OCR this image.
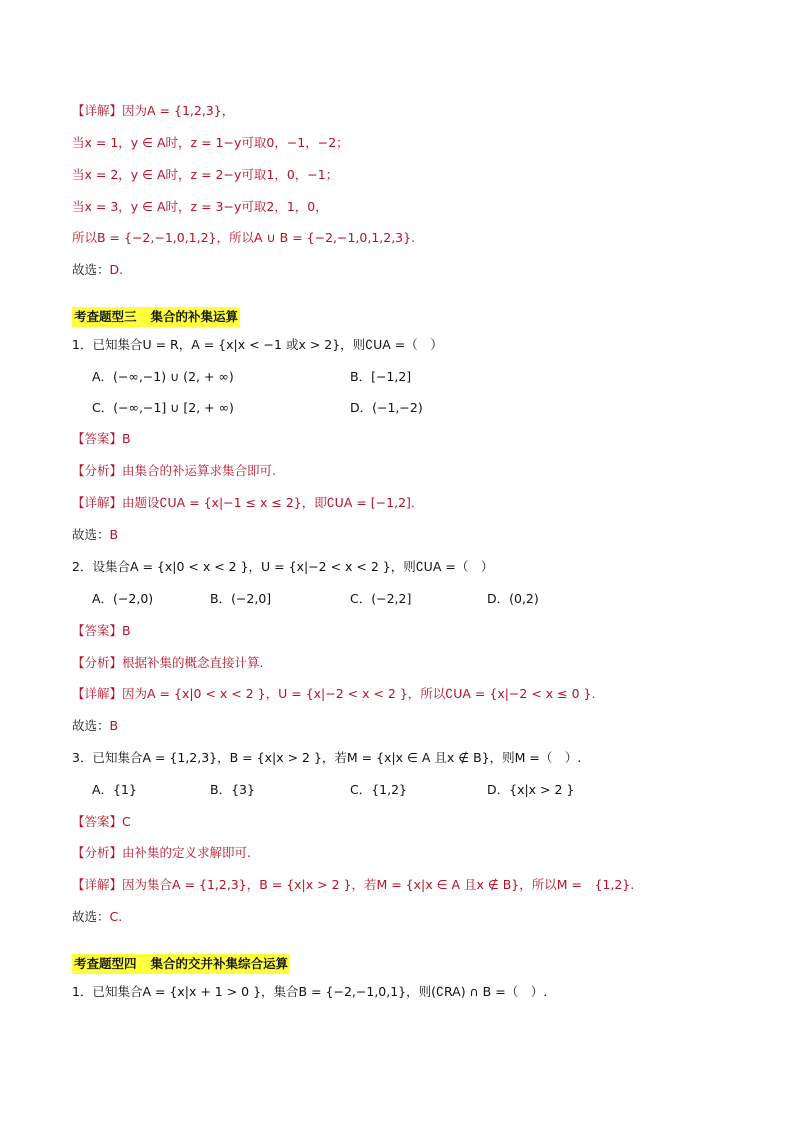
【详解】因为A = {1,2,3}，
当x = 1，y ∈ A时，z = 1−y可取0，−1，−2；
当x = 2，y ∈ A时，z = 2−y可取1，0，−1；
当x = 3，y ∈ A时，z = 3−y可取2，1，0，
所以B = {−2,−1,0,1,2}，所以A ∪ B = {−2,−1,0,1,2,3}.
故选：D.
考查题型三 集合的补集运算
1．已知集合U = R，A = {x|x < −1 或x > 2}，则∁UA =（　）
A．(−∞,−1) ∪ (2, + ∞)	B．[−1,2]
C．(−∞,−1] ∪ [2, + ∞)	D．(−1,−2)
【答案】B
【分析】由集合的补运算求集合即可.
【详解】由题设∁UA = {x|−1 ≤ x ≤ 2}，即∁UA = [−1,2].
故选：B
2．设集合A = {x|0 < x < 2 }，U = {x|−2 < x < 2 }，则∁UA =（　）
A．(−2,0)	B．(−2,0]	C．(−2,2]	D．(0,2)
【答案】B
【分析】根据补集的概念直接计算.
【详解】因为A = {x|0 < x < 2 }，U = {x|−2 < x < 2 }，所以∁UA = {x|−2 < x ≤ 0 }.
故选：B
3．已知集合A = {1,2,3}，B = {x|x > 2 }，若M = {x|x ∈ A 且x ∉ B}，则M =（　）.
A．{1}	B．{3}	C．{1,2}	D．{x|x > 2 }
【答案】C
【分析】由补集的定义求解即可.
【详解】因为集合A = {1,2,3}，B = {x|x > 2 }，若M = {x|x ∈ A 且x ∉ B}，所以M =　{1,2}.
故选：C.
考查题型四 集合的交并补集综合运算
1．已知集合A = {x|x + 1 > 0 }，集合B = {−2,−1,0,1}，则(∁RA) ∩ B =（　）.
